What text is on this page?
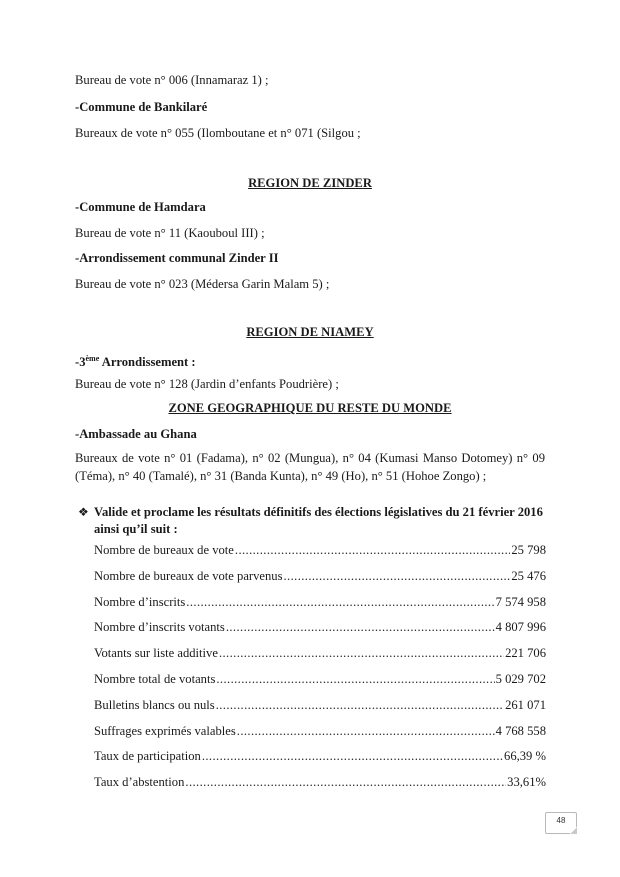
Bureau de vote n° 006 (Innamaraz 1) ;
-Commune de Bankilaré
Bureaux de vote n° 055 (Ilomboutane et n° 071 (Silgou ;
REGION DE ZINDER
-Commune de Hamdara
Bureau de vote n° 11 (Kaouboul III) ;
-Arrondissement communal Zinder II
Bureau de vote n° 023 (Médersa Garin Malam 5) ;
REGION DE NIAMEY
-3ème Arrondissement :
Bureau de vote n° 128 (Jardin d’enfants Poudrière) ;
ZONE GEOGRAPHIQUE DU RESTE DU MONDE
-Ambassade au Ghana
Bureaux de vote n° 01 (Fadama), n° 02 (Mungua), n° 04 (Kumasi Manso Dotomey) n° 09 (Téma), n° 40 (Tamalé), n° 31 (Banda Kunta), n° 49 (Ho), n° 51 (Hohoe Zongo) ;
❖ Valide et proclame les résultats définitifs des élections législatives du 21 février 2016 ainsi qu’il suit :
Nombre de bureaux de vote .....	25 798
Nombre de bureaux de vote parvenus .....	25 476
Nombre d’inscrits .....	7 574 958
Nombre d’inscrits votants .....	4 807 996
Votants sur liste additive .....	221 706
Nombre total de votants .....	5 029 702
Bulletins blancs ou nuls .....	261 071
Suffrages exprimés valables .....	4 768 558
Taux de participation .....	66,39 %
Taux d’abstention .....	33,61%
48
